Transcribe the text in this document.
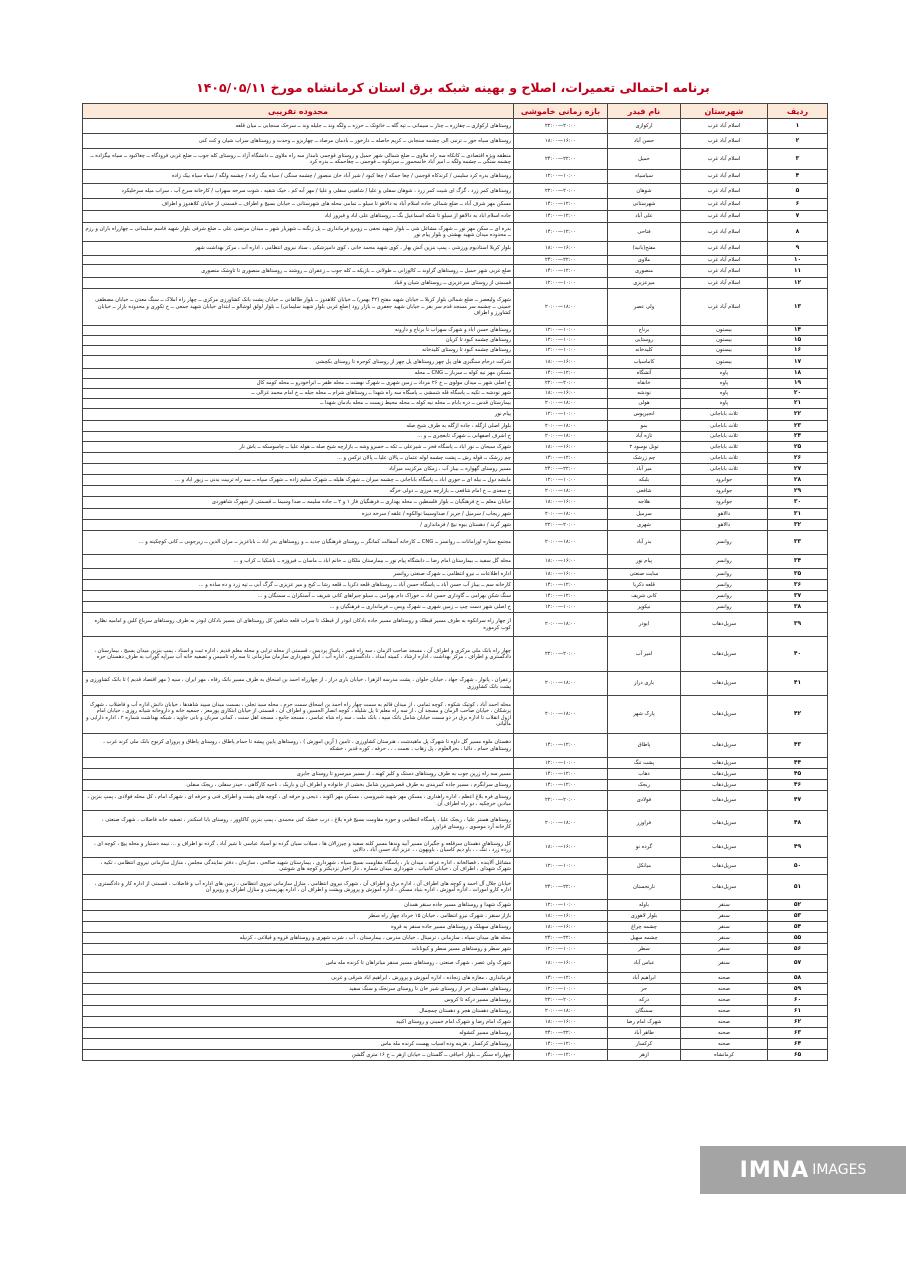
برنامه احتمالی تعمیرات، اصلاح و بهینه شبکه برق استان کرمانشاه مورخ ۱۴۰۵/۰۵/۱۱
ردیف	شهرستان	نام فیدر	بازه زمانی خاموشی	محدوده تقریبی
۱	اسلام آباد غرب	ارکوازی	۲۰:۰۰—۲۲:۰۰	روستاهای ارکوازی ــ چقازره ــ چنار ــ سیمانی ــ تپه گله ــ خاتونک ــ حرزه ــ ولگه وند ــ جلیله وند ــ سرخک سنجابی ــ میان قلعه
۲	اسلام آباد غرب	حسن آباد	۱۶:۰۰—۱۸:۰۰	روستاهای سیاه خور ــ ترنبی الی چشمه سنجابی ــ کریم حاصله ــ دارخور ــ بادمان مرصاد ــ چهاربزو ــ وحدت و روستاهای سراب شیان و کت کنی
۳	اسلام آباد غرب	حمیل	۲۲:۰۰—۲۴:۰۰	منطقه ویژه اقتصادی ــ کانکاه سه راه ملاوی ــ ضلع شمالی شهر حمیل و روستای قوجمی نامدار سه راه ملاوی ــ دانشگاه آزاد ــ روستای کله جوب ــ ضلع غربی فرودگاه ــ چغاکبود ــ سیاه بیگزاده ــ چشمه سنگی ــ چشمه ولگه ــ امیر اباد خانمحمور ــ سرنکوه ــ قوجمی ــ چغاحمکه ــ بدره کرد
۴	اسلام آباد غرب	سیاسیاه	۱۰:۰۰—۱۲:۰۰	روستاهای بدره کرد سلیمی / کرندکاه قوجمی / چغا جمکه / چغا کبود / شیر آباد خان منصور / چشمه سنگی / سیاه بیگ زاده / چشمه ولگه / سیاه سیاه بیک زاده
۵	اسلام آباد غرب	شوهان	۲۰:۰۰—۲۲:۰۰	روستاهای کمر زرد ، گرگ ای شیت کمر زرد ، شوهان سفلی و علیا / شاهینی سفلی و علیا / مهر آبه کم ، خیک شقیه ، شوت سرخه سهراب / کارخانه سرخ آب ، سراب میله سرخلیکرد
۶	اسلام آباد غرب	شهرستانی	۱۲:۰۰—۱۴:۰۰	مسکن مهر شرف آباد ــ ضلع شمالی جاده اسلام آباد به دالاهو تا سیلو ــ تمامی محله های شهرستانی ــ خیابان بسیج و اطراف ــ قسمتی از خیابان کلاهدوز و اطراف
۷	اسلام آباد غرب	علی آباد	۱۲:۰۰—۱۴:۰۰	جاده اسلام اباد به دالاهو از سیلو تا شکه اسماعیل بگ ــ روستاهای علی اباد و قبرور اباد
۸	اسلام آباد غرب	فتاحی	۱۲:۰۰—۱۴:۰۰	بدره ای ــ سکن مهر نور ــ شهرک مشاغل شی ــ بلوار شهید نجفی ــ زوبرو فرمانداری ــ پل زنگنه ــ شهریار شهر ــ میدان مرتضی علی ــ ضلع شرقی بلوار شهید قاسم سلیمانی ــ چهارراه باران و رزم ــ محدوده میدان شهید بهشتی و بلوار پیام نور
۹	اسلام آباد غرب	مفتح(بانید)	۱۶:۰۰—۱۸:۰۰	بلوار کربلا استادیوم ورزشی ، پمپ بنزین آتش بهار ، کوی شهید محمد خانی ، کوی دامپزشکی ، ستاد نیروی انتظامی ، اداره آب ، مرکز بهداشت شهر
۱۰	اسلام آباد غرب	ملاوی	۲۲:۰۰—۲۴:۰۰	
۱۱	اسلام آباد غرب	منصوری	۱۲:۰۰—۱۴:۰۰	ضلع غربی شهر حمیل ــ روستاهای گراوند ــ کالوزانی ــ طولانی ــ بازیکه ــ کله جوب ــ زعفران ــ روشند ــ روستاهای منصوری تا تاوشک منصوری
۱۲	اسلام آباد غرب	میرعزیزی	۱۰:۰۰—۱۲:۰۰	قسمتی از روستای میرعزیزی ــ روستاهای شیان و قباد
۱۳	اسلام آباد غرب	ولی عصر	۱۸:۰۰—۲۰:۰۰	شهرک ولیعصر ــ ضلع شمالی بلوار کربلا ــ خیابان شهید مفتح (۴۲ بهمن) ــ خیابان کلاهدوز ــ بلوار طالقانی ــ خیابان پشت بانک کشاورزی مرکزی ــ چهار راه املاک ــ سنگ معدن ــ خیابان مصطفی خمینی ــ چشمه سر مسجد قدم سر بقر ــ خیابان شهید جعفری ــ بازار رود (ضلع غربی بلوار شهید سلیمانی) ــ بلوار لولق لوشالو ــ ابتدای خیابان شهید جمعی ــ خ تکوری و محدوده بازار ــ خیابان کشاورز و اطراف
۱۴	بیستون	برناج	۱۰:۰۰—۱۲:۰۰	روستاهای حسن اباد و شهرک سهراب تا برناج و دارونه
۱۵	بیستون	روستایی	۱۰:۰۰—۱۲:۰۰	روستاهای چشمه کبود تا کریان
۱۶	بیستون	کلیدخانه	۱۰:۰۰—۱۲:۰۰	روستاهای چشمه کبود تا روستای کلیدخانه
۱۷	بیستون	کاماسیاب	۱۶:۰۰—۱۸:۰۰	شرکت درجام سنگبری های پل چهر روستاهای پل چهر از روستای کوجره تا روستای بکچشی
۱۸	پاوه	آتشگاه	۱۲:۰۰—۱۴:۰۰	مسکن مهر نیه کوله ــ سرباز ــ CNG ــ محله
۱۹	پاوه	خانقاه	۲۰:۰۰—۲۲:۰۰	خ اصلی شهر ــ میدان مولوی ــ خ ۲۶ مرداد ــ زمین شهری ــ شهرک نهضت ــ محله ظفر ــ ابراخودرو ــ محله کومه کال
۲۰	پاوه	نودشه	۱۶:۰۰—۱۸:۰۰	شهر نودشه ــ تکیه ــ پاسگاه قله شمشی ــ پاسگاه سه راه شهدا ــ روستاهای شرام ــ محله جیله ــ خ امام محمد غزالی ــ
۲۱	پاوه	هولی	۱۸:۰۰—۲۰:۰۰	بیمارستان قدس ــ دره بابام ــ محله نیه کوله ــ محله محیط زیست ــ محله بادمان شهدا ــ
۲۲	ثلاث باباجانی	انجیرپوس	۱۰:۰۰—۱۲:۰۰	پیام نور
۲۳	ثلاث باباجانی	بمو	۱۸:۰۰—۲۰:۰۰	بلوار اصلی ازگله ، جاده ازگله به طرف شیخ صله
۲۴	ثلاث باباجانی	تازه آباد	۱۸:۰۰—۲۰:۰۰	خ اشرف اصفهانی ــ شهرک تابعچری ــ و ...
۲۵	ثلاث باباجانی	تونل نوسود ۲	۱۶:۰۰—۱۸:۰۰	شهرک سبحان ــ نور اباد ــ پاسگاه فخر ــ شیرعلی ــ تکه ــ خسرو وشه ــ بازارچه شیخ صله ــ هوله علیا ــ چاسوسکه ــ باش نار
۲۶	ثلاث باباجانی	چم زرشک	۱۲:۰۰—۱۴:۰۰	چم زرشک ــ قوله رش ــ پشت چشمه لوله عثمان ــ پالان علیا ــ پالان ترکس و ...
۲۷	ثلاث باباجانی	میر آباد	۲۲:۰۰—۲۴:۰۰	مسیر روستای گهواره ــ بیباز آب ، زمکان مرکزیت میرآباد
۲۸	جوانرود	بلبکه	۱۰:۰۰—۱۲:۰۰	مایشه دول ــ بیله ای ــ حوری اباد ــ پاسگاه باباجانی ــ چشمه میران ــ شهرک هلیله ــ شهرک سلیم زاده ــ شهرک سپاه ــ سه راه تربیت بدنی ــ زیور اباد و ...
۲۹	جوانرود	شافعی	۱۸:۰۰—۲۰:۰۰	خ سعدی ــ خ امام شافعی ــ بازارچه مرزی ــ دولی خرگه
۳۰	جوانرود	هلاجه	۱۶:۰۰—۱۸:۰۰	خیابان معلم ــ خ فرهنگیان ــ بلوار فلسطین ــ محله بهداری ــ فرهنگیان فاز ۱ و ۲ ــ جاده سلیمه ــ صدا وسیما ــ قسمتی از شهرک شاهوردی
۳۱	دالاهو	سرمیل	۱۸:۰۰—۲۰:۰۰	شهر ریجاب / سرمیل / جریر / صداوسیما نوالکوه / علقه / سرخه دیزه
۳۲	دالاهو	شهری	۲۰:۰۰—۲۲:۰۰	شهر گرند / دهستان بیوه نیج / فرمانداری /
۳۳	روانسر	بدر آباد	۱۸:۰۰—۲۰:۰۰	مجتمع ستاره اورامانات ــ روانسر ــ CNG ــ کارخانه آسفالت کمانگر ــ روستای فرهنگیان جدید ــ و روستاهای بدر اباد ــ باباعزیز ــ مران الدین ــ زیرجوبی ــ کانی کوچکینه و ...
۳۴	روانسر	پیام نور	۱۶:۰۰—۱۸:۰۰	محله گل سفید ــ بیمارستان امام رضا ــ دانشگاه پیام نور ــ بیمارستان ملکان ــ خانم اباد ــ ماسان ــ فیروزه ــ باشکیا ــ کراب و ...
۳۵	روانسر	سایت صنعتی	۱۶:۰۰—۱۸:۰۰	اداره اطلاعات ــ نیرو انتظامی ــ شهرک صنعتی روانسر
۳۶	روانسر	قلعه ذکریا	۱۲:۰۰—۱۴:۰۰	کارخانه سم ــ بیباز آب حسن آباد ــ پاسگاه حسن آباد ــ روستاهای قلعه ذکریا ــ قلعه رشا ــ کیخ و میر عزیزی ــ گرگ آبی ــ تپه زرد و ده ساده و ...
۳۷	روانسر	کانی شریف	۱۲:۰۰—۱۴:۰۰	سنگ شکن بهرامی ــ گاوداری حسن اباد ــ خوراک دام بهرامی ــ سیلو جیراهای کانی شریف ــ آسنکران ــ سمنگان و ...
۳۸	روانسر	نیکوپر	۱۰:۰۰—۱۲:۰۰	خ اصلی شهر دست چپ ــ زمین شهری ــ شهرک ویس ــ فرمانداری ــ فرهنگیان و ...
۳۹	سرپل‌ذهاب	ابوذر	۱۸:۰۰—۲۰:۰۰	از چهار راه سرانکوه به طرف مسیر قیطک و روستاهای مسیر جاده بادکان ابوذر از قیطک تا سراب قلعه شاهین کل روستاهای ان مسیر بادکان ابوذر به طرف روستاهای سرباغ کلین و امامیه نظاره کوب کرموره
۴۰	سرپل‌ذهاب	امیر آب	۲۰:۰۰—۲۲:۰۰	چهار راه بانک ملی مرکزی و اطراف آن ، مسجد صاحب الزمان ، سه راه قصر ، پاساژ پردیس ، قسمتی از محله ترابی و محله معلم قدیم ، اداره ثبت و اسناد ، پمپ بنزین میدان بسیج ، بیمارستان ، دادگستری و اطراف ، مرکز بهداشت ، اداره ارشاد ، کمیته امداد ، دادگستری ، اداره آب ، انبار شهرداری سازمان سازمانی تا سه راه تاسیس و تصفیه خانه آب سراپه گوراب به طرف دهستان حره
۴۱	سرپل‌ذهاب	باری دراز	۱۸:۰۰—۲۰:۰۰	زعفران ، پاتوار ، شهرک جهاد ، خیابان حلوان ، پشت مدرسه الزهرا ، خیابان باری دراز ، از چهارراه احمد بن اسحاق به طرف مسیر بانک رفاه ، مهر ایران ، سیه ( مهر اقتصاد قدیم ) تا بانک کشاورزی و پشت بانک کشاورزی
۴۲	سرپل‌ذهاب	پارک شهر	۱۸:۰۰—۲۰:۰۰	محله احمد آباد ، کوتیک شکوه ، کوچه تمامی ، از میدان قائم به سمت چهار راه احمد بن اسحاق سمت حرم ، محله سید تجلی ، بسمت میدان سپید شاهدها ، خیابان دانش اداره آب و فاضلاب ، شهرک پزشکان ، خیابان صاحب الزمان و مسجد آن ، از سه راه معلم تا پل شلیله ، کوچه انصار الحسین و اطراف آن ، قسمتی از خیابان ابتکاری پورمعز ، جمعیه خانه و داروخانه شیانه روزی ، خیابان امام ازول انقلاب تا اداره برق در دو سمت خیابان شامل بانک سپه ، بانک ملت ، سه راه شاه عباسی ، مسجد جامع ، مسجد اهل سنت ، کمانی سربان و بانی جاوید ، شبکه بهداشت شماره ۲ ، اداره دارایی و مالیاتی
۴۳	سرپل‌ذهاب	پاطاق	۱۲:۰۰—۱۴:۰۰	دهستان ملوه مسیر گل داوه تا شهرک پل ماهیدشت ، هنرستان کشاورزی ، تامین ( آرین اموزش ) ، روستاهای پایین پیشه تا حمام پاطاق ، روستای پاطاق و پروزای کرنوح بانک ملی کرند غرب ، روستاهای حمام ، دالیا ، بحرالعلوم ، پل زهاب ، نعمت ، ، ، حرفه ، کوره قدیر ، خشکه
۴۴	سرپل‌ذهاب	پشت تنگ	۱۰:۰۰—۱۲:۰۰	
۴۵	سرپل‌ذهاب	ذهاب	۱۲:۰۰—۱۴:۰۰	مسیر سه راه زرین جوب به طرف روستاهای دستک و کلیر کهنه ، از مسیر میرسرو تا روستای جابری
۴۶	سرپل‌ذهاب	ریجک	۱۲:۰۰—۱۴:۰۰	روستای سرابگرم ، مسیر جاده کمربندی به طرف قصرشیرین شامل بخشی از خانواده و اطراف آن و باریک ، ناحیه کارگاهی ، حیدر سفلی ، ریجک سفلی
۴۷	سرپل‌ذهاب	فولادی	۲۰:۰۰—۲۲:۰۰	روستای فره بلاغ اعظم ، اداره راهداری ، مسکن مهر شهید شیروسی ، مسکن مهر اکوند ، ذبحی و حرفه ای ، کوچه های پشت و اطراف فنی و حرفه ای ، شهرک امام ، کل محله فولادی ، پمپ بنزین ، میادین خرچکیه ، دو راه اطراف آن
۴۸	سرپل‌ذهاب	فراوزر	۱۸:۰۰—۲۰:۰۰	روستاهای هستر علیا ، ریجک علیا ، پاسگاه انتظامی و حوزه مقاومت بسیج فره بلاغ ، درب خشک کنی محمدی ، پمپ بنزین کاکاوور ، روستای بابا اسکندر ، تصفیه خانه فاضلاب ، شهرک صنعتی ، کارخانه آرد موسوی ، روستای فراوزر
۴۹	سرپل‌ذهاب	گرده نو	۱۶:۰۰—۱۸:۰۰	کل روستاهای دهستان سرقلعه و جگیران مسیر آبید وندها مسیر کلنه سفید و چیرزالان ها ، سیلاب سیان گرده نو آسیاد عباسی تا شیر آباد ، گرده نو اطراف و ... نیمه دستیار و محله پیچ ، کوچه ای ، زرده زرد ، تنگ ، ، باو دیم کاسیان ، باوبهون ، ، عزیز آباد حسن آباد ، دالایی
۵۰	سرپل‌ذهاب	میانکل	۱۰:۰۰—۱۲:۰۰	مشاغل آلاینده ، قصالخانه ، اداره عرفه ، میدان بار ، پاسگاه مقاومت بسیج سپاه ، شهرداری ، بیمارستان شهید صالحی ، سازمان ، دفتر نمایندگی مجلس ، منازل سازمانی نیروی انتظامی ، تکیه ، شهرک شهدای ، اطراف آن ، خیابان کامیاب ، شهرداری میدان شماره ، دار اخبار نزدیکتر و کوچه های شوشی
۵۱	سرپل‌ذهاب	نارنجستان	۲۲:۰۰—۲۴:۰۰	خیابان جلال آل احمد و کوچه های اطراف آن ، اداره برق و اطراف آن ، شهرک نیروی انتظامی ، منازل سازمانی نیروی انتظامی ، زمین های اداره آب و فاضلاب ، قسمتی از اداره کار و دادگستری ، اداره کارو امورات ، اداره آموزش ، اداره بنیاد مسکن ، اداره آموزش و پرورش وپشت و اطراف آن ، اداره بهزیستی و منازل اطراف و روبرو آن
۵۲	سنقر	باوله	۱۰:۰۰—۱۲:۰۰	شهرک شهدا و روستاهای مسیر جاده سنقر همدان
۵۳	سنقر	بلوار لاهوری	۱۶:۰۰—۱۸:۰۰	بازار سنقر ، شهرک نیرو انتظامی ، خیابان ۱۵ خرداد چهار راه سطر
۵۴	سنقر	چشمه چراغ	۱۶:۰۰—۱۸:۰۰	روستاهای سهبلک و روستاهای مسیر جاده سنقر به قروه
۵۵	سنقر	چشمه سهیل	۲۲:۰۰—۲۴:۰۰	محله های میدان سپاه ، سازمانی ، ترمینال ، خیابان مدرس ، بیمارستان ، آب ، شرب شهری و روستاهای قروه و قیلاغی ، کزنیله
۵۶	سنقر	سطر	۱۰:۰۰—۱۲:۰۰	شهر سطر و روستاهای مسیر سطر و کیونانات
۵۷	سنقر	عباس آباد	۱۶:۰۰—۱۸:۰۰	شهرک ولی عصر ، شهرک صنعتی ، روستاهای مسیر سنقر میانراهان تا کرنده مله ماس
۵۸	صحنه	ابراهیم آباد	۱۲:۰۰—۱۴:۰۰	فرمانداری ، مغازه های زنجاده ، اداره آموزش و پرورش ، ابراهیم اباد شرقی و غربی
۵۹	صحنه	حر	۱۰:۰۰—۱۲:۰۰	روستاهای دهستان حر از روستای شیر خان تا روستای سرنجک و سنگ سفید
۶۰	صحنه	درکه	۲۰:۰۰—۲۲:۰۰	روستاهای مسیر درکه تا کروس
۶۱	صحنه	سمنگان	۱۸:۰۰—۲۰:۰۰	روستاهای دهستان هجر و دهستان چمچمال
۶۲	صحنه	شهرک امام رضا	۱۶:۰۰—۱۸:۰۰	شهرک امام رضا و شهرک امام خمینی و روستای اکبیه
۶۳	صحنه	طاهر آباد	۲۲:۰۰—۲۴:۰۰	روستاهای مسیر کنشوله
۶۴	صحنه	کرکسار	۱۲:۰۰—۱۴:۰۰	روستاهای کرکسار ، هزینه وده اسیاب پهست کرنده مله ماس
۶۵	کرمانشاه	ازهر	۱۲:۰۰—۱۴:۰۰	چهارراه سنگر ــ بلوار احیاقی ــ گلستان ــ خیابان ازهر ــ خ ۱۶ متری گلشن
IMNA IMAGES
